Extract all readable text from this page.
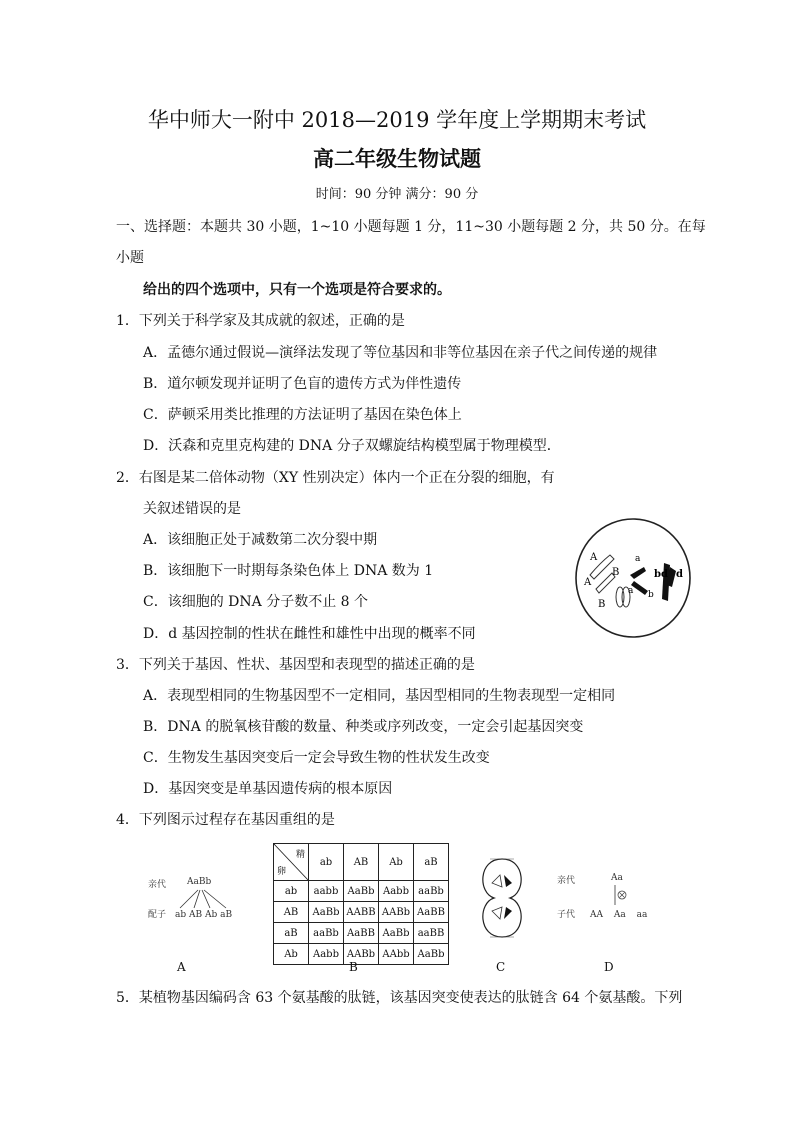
华中师大一附中 2018—2019 学年度上学期期末考试
高二年级生物试题
时间：90 分钟 满分：90 分
一、选择题：本题共 30 小题，1~10 小题每题 1 分，11~30 小题每题 2 分，共 50 分。在每
小题
给出的四个选项中，只有一个选项是符合要求的。
1．下列关于科学家及其成就的叙述，正确的是
A．孟德尔通过假说—演绎法发现了等位基因和非等位基因在亲子代之间传递的规律
B．道尔顿发现并证明了色盲的遗传方式为伴性遗传
C．萨顿采用类比推理的方法证明了基因在染色体上
D．沃森和克里克构建的 DNA 分子双螺旋结构模型属于物理模型．
2．右图是某二倍体动物（XY 性别决定）体内一个正在分裂的细胞，有
关叙述错误的是
A．该细胞正处于减数第二次分裂中期
B．该细胞下一时期每条染色体上 DNA 数为 1
C．该细胞的 DNA 分子数不止 8 个
D．d 基因控制的性状在雌性和雄性中出现的概率不同
A
A
B
B
a
a b
bd d
3．下列关于基因、性状、基因型和表现型的描述正确的是
A．表现型相同的生物基因型不一定相同，基因型相同的生物表现型一定相同
B．DNA 的脱氧核苷酸的数量、种类或序列改变，一定会引起基因突变
C．生物发生基因突变后一定会导致生物的性状发生改变
D．基因突变是单基因遗传病的根本原因
4．下列图示过程存在基因重组的是
亲代 AaBb
配子 ab AB Ab aB
A
精
卵	ab	AB	Ab	aB
ab	aabb	AaBb	Aabb	aaBb
AB	AaBb	AABB	AABb	AaBB
aB	aaBb	AaBB	AaBb	aaBB
Ab	Aabb	AABb	AAbb	AaBb
B	C
亲代	Aa
子代 AA Aa aa
D
5．某植物基因编码含 63 个氨基酸的肽链，该基因突变使表达的肽链含 64 个氨基酸。下列
